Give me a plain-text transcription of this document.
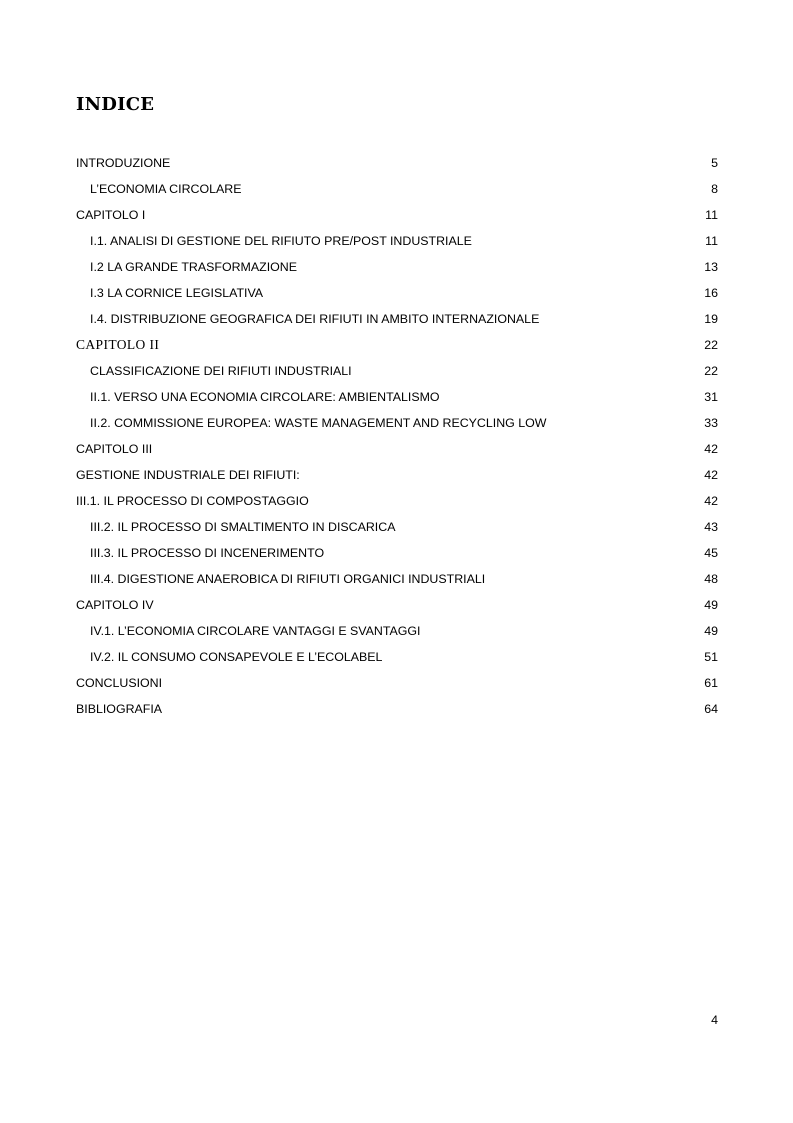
INDICE
INTRODUZIONE	5
L’ECONOMIA CIRCOLARE	8
CAPITOLO I	11
I.1. ANALISI DI GESTIONE DEL RIFIUTO PRE/POST INDUSTRIALE	11
I.2 LA GRANDE TRASFORMAZIONE	13
I.3 LA CORNICE LEGISLATIVA	16
I.4. DISTRIBUZIONE GEOGRAFICA DEI RIFIUTI IN AMBITO INTERNAZIONALE	19
CAPITOLO II	22
CLASSIFICAZIONE DEI RIFIUTI INDUSTRIALI	22
II.1. VERSO UNA ECONOMIA CIRCOLARE: AMBIENTALISMO	31
II.2. COMMISSIONE EUROPEA: WASTE MANAGEMENT AND RECYCLING LOW	33
CAPITOLO III	42
GESTIONE INDUSTRIALE DEI RIFIUTI:	42
III.1. IL PROCESSO DI COMPOSTAGGIO	42
III.2. IL PROCESSO DI SMALTIMENTO IN DISCARICA	43
III.3. IL PROCESSO DI INCENERIMENTO	45
III.4. DIGESTIONE ANAEROBICA DI RIFIUTI ORGANICI INDUSTRIALI	48
CAPITOLO IV	49
IV.1. L’ECONOMIA CIRCOLARE VANTAGGI E SVANTAGGI	49
IV.2. IL CONSUMO CONSAPEVOLE E L’ECOLABEL	51
CONCLUSIONI	61
BIBLIOGRAFIA	64
4
